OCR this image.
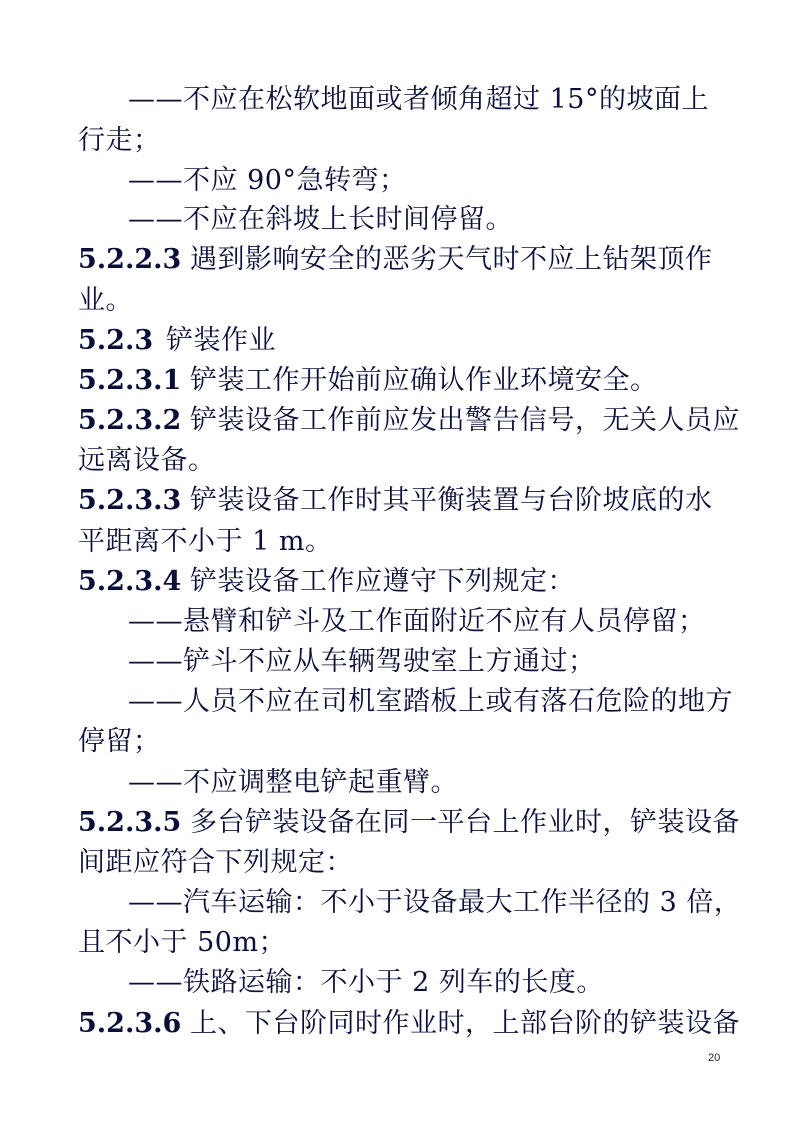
——不应在松软地面或者倾角超过 15°的坡面上
行走；
——不应 90°急转弯；
——不应在斜坡上长时间停留。
5.2.2.3 遇到影响安全的恶劣天气时不应上钻架顶作
业。
5.2.3 铲装作业
5.2.3.1 铲装工作开始前应确认作业环境安全。
5.2.3.2 铲装设备工作前应发出警告信号，无关人员应
远离设备。
5.2.3.3 铲装设备工作时其平衡装置与台阶坡底的水
平距离不小于 1 m。
5.2.3.4 铲装设备工作应遵守下列规定：
——悬臂和铲斗及工作面附近不应有人员停留；
——铲斗不应从车辆驾驶室上方通过；
——人员不应在司机室踏板上或有落石危险的地方
停留；
——不应调整电铲起重臂。
5.2.3.5 多台铲装设备在同一平台上作业时，铲装设备
间距应符合下列规定：
——汽车运输：不小于设备最大工作半径的 3 倍，
且不小于 50m；
——铁路运输：不小于 2 列车的长度。
5.2.3.6 上、下台阶同时作业时，上部台阶的铲装设备
20
